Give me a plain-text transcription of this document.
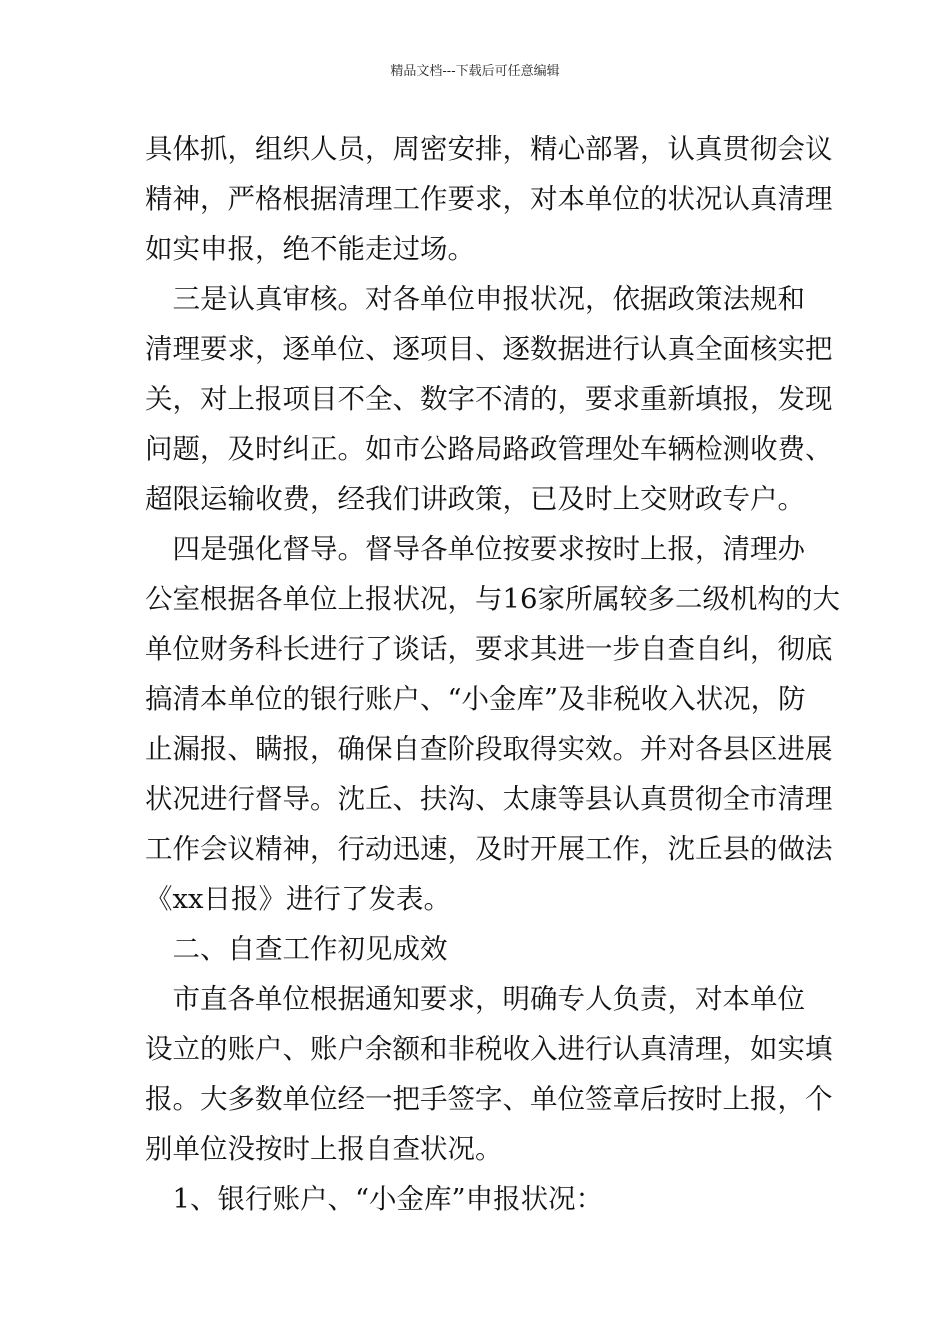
精品文档---下载后可任意编辑
具体抓，组织人员，周密安排，精心部署，认真贯彻会议
精神，严格根据清理工作要求，对本单位的状况认真清理
如实申报，绝不能走过场。
　三是认真审核。对各单位申报状况，依据政策法规和
清理要求，逐单位、逐项目、逐数据进行认真全面核实把
关，对上报项目不全、数字不清的，要求重新填报，发现
问题，及时纠正。如市公路局路政管理处车辆检测收费、
超限运输收费，经我们讲政策，已及时上交财政专户。
　四是强化督导。督导各单位按要求按时上报，清理办
公室根据各单位上报状况，与16家所属较多二级机构的大
单位财务科长进行了谈话，要求其进一步自查自纠，彻底
搞清本单位的银行账户、“小金库”及非税收入状况，防
止漏报、瞒报，确保自查阶段取得实效。并对各县区进展
状况进行督导。沈丘、扶沟、太康等县认真贯彻全市清理
工作会议精神，行动迅速，及时开展工作，沈丘县的做法
《xx日报》进行了发表。
　二、自查工作初见成效
　市直各单位根据通知要求，明确专人负责，对本单位
设立的账户、账户余额和非税收入进行认真清理，如实填
报。大多数单位经一把手签字、单位签章后按时上报，个
别单位没按时上报自查状况。
　1、银行账户、“小金库”申报状况：
